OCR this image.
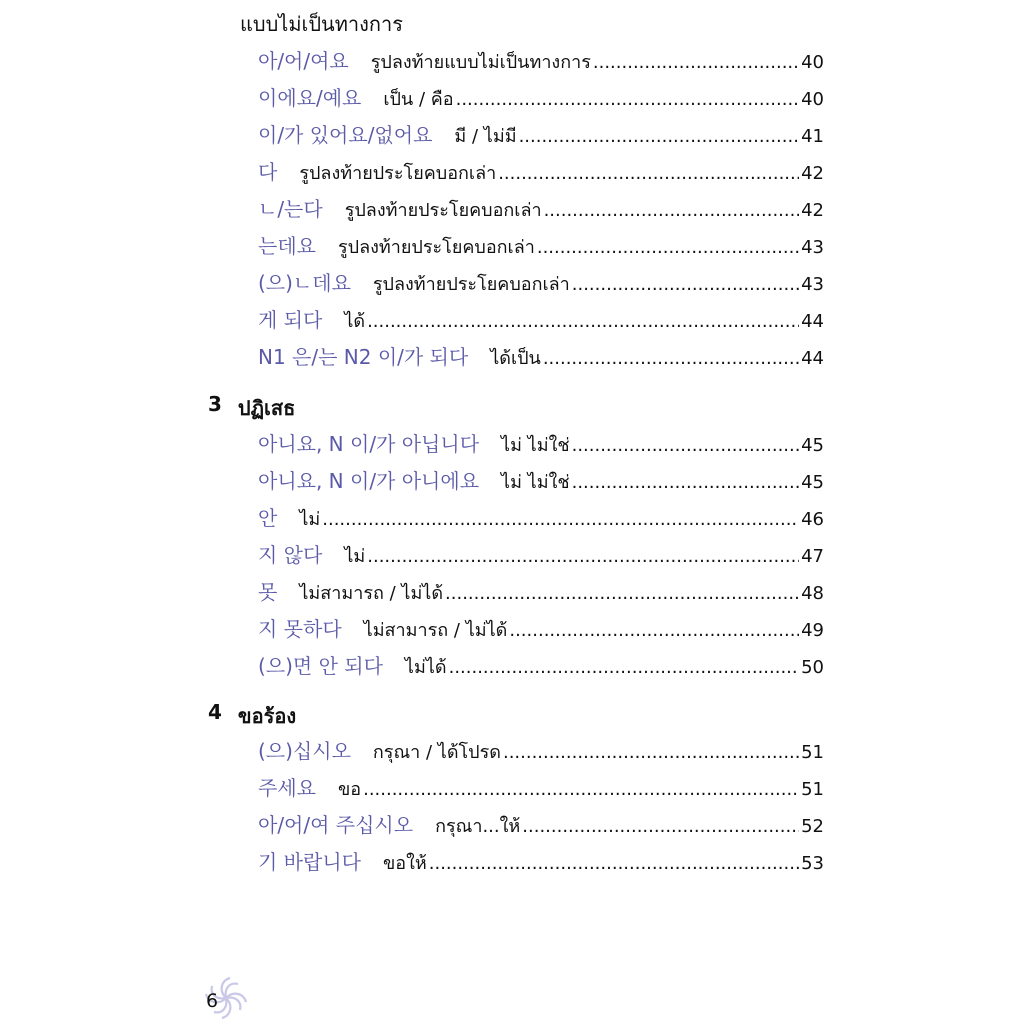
แบบไม่เป็นทางการ
아/어/여요 รูปลงท้ายแบบไม่เป็นทางการ .....	40
이에요/예요 เป็น / คือ .....	40
이/가 있어요/없어요 มี / ไม่มี .....	41
다 รูปลงท้ายประโยคบอกเล่า .....	42
ㄴ/는다 รูปลงท้ายประโยคบอกเล่า .....	42
는데요 รูปลงท้ายประโยคบอกเล่า .....	43
(으)ㄴ데요 รูปลงท้ายประโยคบอกเล่า .....	43
게 되다 ได้ .....	44
N1 은/는 N2 이/가 되다 ได้เป็น .....	44
3 ปฏิเสธ
아니요, N 이/가 아닙니다 ไม่ ไม่ใช่ .....	45
아니요, N 이/가 아니에요 ไม่ ไม่ใช่ .....	45
안 ไม่ .....	46
지 않다 ไม่ .....	47
못 ไม่สามารถ / ไม่ได้ .....	48
지 못하다 ไม่สามารถ / ไม่ได้ .....	49
(으)면 안 되다 ไม่ได้ .....	50
4 ขอร้อง
(으)십시오 กรุณา / ได้โปรด .....	51
주세요 ขอ .....	51
아/어/여 주십시오 กรุณา...ให้ .....	52
기 바랍니다 ขอให้ .....	53
6
